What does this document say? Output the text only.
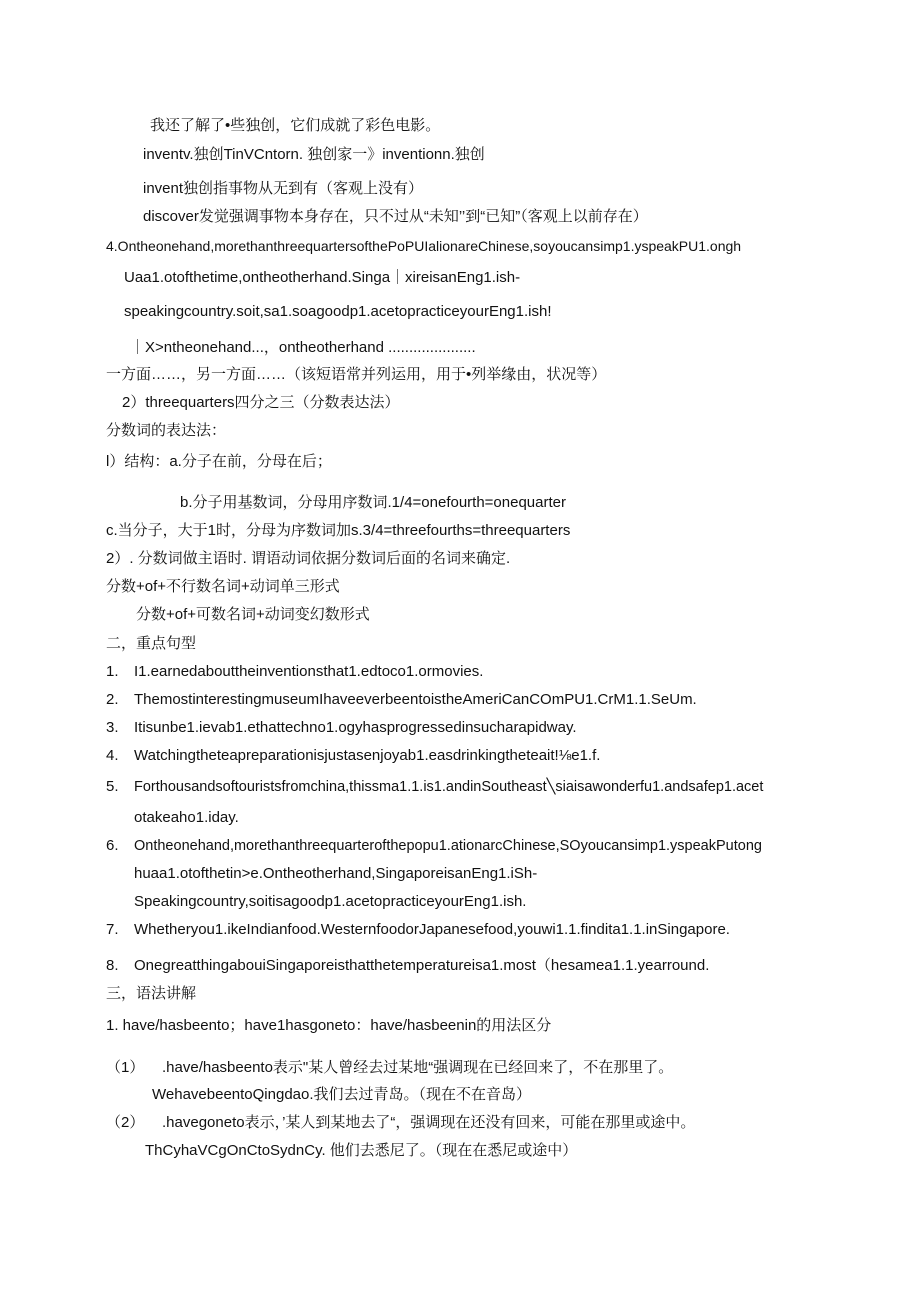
我还了解了•些独创，它们成就了彩色电影。
inventv.独创TinVCntorn. 独创家一》inventionn.独创
invent独创指事物从无到有（客观上没有）
discover发觉强调事物本身存在，只不过从“未知’’到“已知”（客观上以前存在）
4.Ontheonehand,morethanthreequartersofthePoPUIalionareChinese,soyoucansimp1.yspeakPU1.ongh
Uaa1.otofthetime,ontheotherhand.Singa｜xireisanEng1.ish-
speakingcountry.soit,sa1.soagoodp1.acetopracticeyourEng1.ish!
｜X>ntheonehand...，ontheotherhand .....................
一方面……，另一方面……（该短语常并列运用，用于•列举缘由，状况等）
2）threequarters四分之三（分数表达法）
分数词的表达法：
l）结构：a.分子在前，分母在后；
b.分子用基数词，分母用序数词.1/4=onefourth=onequarter
c.当分子，大于1时，分母为序数词加s.3/4=threefourths=threequarters
2）. 分数词做主语时. 谓语动词依据分数词后面的名词来确定.
分数+of+不行数名词+动词单三形式
分数+of+可数名词+动词变幻数形式
二，重点句型
1. I1.earnedaboutthei​nventionsthat1.edtoco1.ormovies.
2. ThemostinterestingmuseumIhaveeverbeentoistheAmeriCanCOmPU1.CrM1.1.SeUm.
3. Itisunbe1.ievab1.ethattechno1.ogyhasprogressedinsucharapidway.
4. Watchingtheteapreparationisjustasenjoyab1.easdrinkingtheteait!⅛e1.f.
5. Forthousandsoftouristsfromchina,thissma1.1.is1.andinSoutheast╲siaisawonderfu1.andsafep1.acet
otakeaho1.iday.
6. Ontheonehand,morethanthreequarterofthepopu1.ationarcChinese,SOyoucansimp1.yspeakPutong
huaa1.otofthetin>e.Ontheotherhand,SingaporeisanEng1.iSh-
Speakingcountry,soitisagoodp1.acetopracticeyourEng1.ish.
7. Whetheryou1.ikeIndianfood.WesternfoodorJapanesefood,youwi1.1.findita1.1.inSingapore.
8. Onegreatthingabou​iSingaporeisthatthetemperatureisa1.most（hesamea1.1.yearround.
三，语法讲解
1. have/hasbeento；have1hasgoneto：have/hasbeenin的用法区分
（1） .have/hasbeento表示"某人曾经去过某地“强调现在已经回来了，不在那里了。
WehavebeentoQingdao.我们去过青岛。（现在不在音岛）
（2） .havegoneto表示，’某人到某地去了“，强调现在还没有回来，可能在那里或途中。
ThCyhaVCgOnCtoSydnCy. 他们去悉尼了。（现在在悉尼或途中）
